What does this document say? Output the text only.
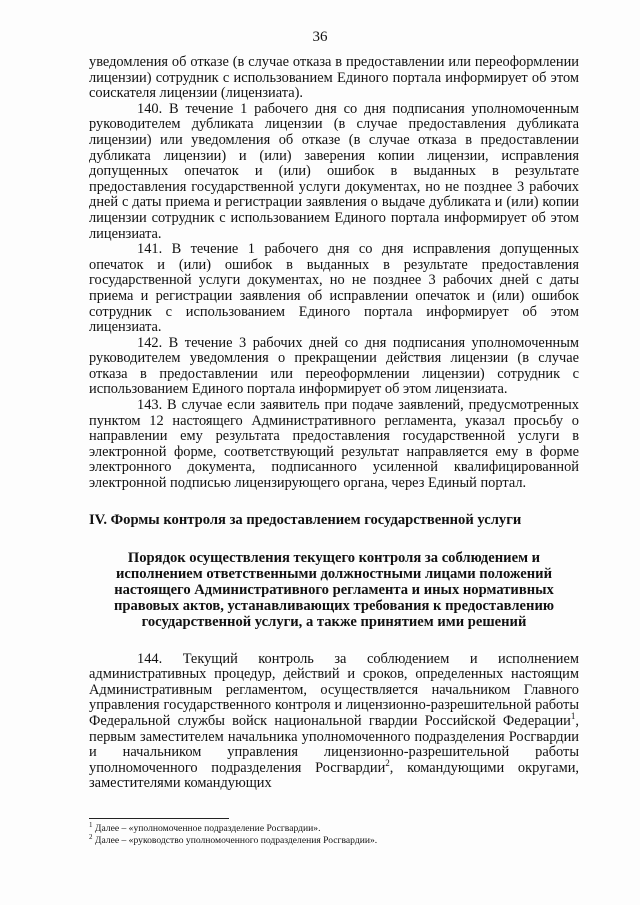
36

уведомления об отказе (в случае отказа в предоставлении или переоформлении лицензии) сотрудник с использованием Единого портала информирует об этом соискателя лицензии (лицензиата).

140. В течение 1 рабочего дня со дня подписания уполномоченным руководителем дубликата лицензии (в случае предоставления дубликата лицензии) или уведомления об отказе (в случае отказа в предоставлении дубликата лицензии) и (или) заверения копии лицензии, исправления допущенных опечаток и (или) ошибок в выданных в результате предоставления государственной услуги документах, но не позднее 3 рабочих дней с даты приема и регистрации заявления о выдаче дубликата и (или) копии лицензии сотрудник с использованием Единого портала информирует об этом лицензиата.

141. В течение 1 рабочего дня со дня исправления допущенных опечаток и (или) ошибок в выданных в результате предоставления государственной услуги документах, но не позднее 3 рабочих дней с даты приема и регистрации заявления об исправлении опечаток и (или) ошибок сотрудник с использованием Единого портала информирует об этом лицензиата.

142. В течение 3 рабочих дней со дня подписания уполномоченным руководителем уведомления о прекращении действия лицензии (в случае отказа в предоставлении или переоформлении лицензии) сотрудник с использованием Единого портала информирует об этом лицензиата.

143. В случае если заявитель при подаче заявлений, предусмотренных пунктом 12 настоящего Административного регламента, указал просьбу о направлении ему результата предоставления государственной услуги в электронной форме, соответствующий результат направляется ему в форме электронного документа, подписанного усиленной квалифицированной электронной подписью лицензирующего органа, через Единый портал.

IV. Формы контроля за предоставлением государственной услуги

Порядок осуществления текущего контроля за соблюдением и исполнением ответственными должностными лицами положений настоящего Административного регламента и иных нормативных правовых актов, устанавливающих требования к предоставлению государственной услуги, а также принятием ими решений

144. Текущий контроль за соблюдением и исполнением административных процедур, действий и сроков, определенных настоящим Административным регламентом, осуществляется начальником Главного управления государственного контроля и лицензионно-разрешительной работы Федеральной службы войск национальной гвардии Российской Федерации$^1$, первым заместителем начальника уполномоченного подразделения Росгвардии и начальником управления лицензионно-разрешительной работы уполномоченного подразделения Росгвардии$^2$, командующими округами, заместителями командующих

$^1$ Далее – «уполномоченное подразделение Росгвардии».

$^2$ Далее – «руководство уполномоченного подразделения Росгвардии».
